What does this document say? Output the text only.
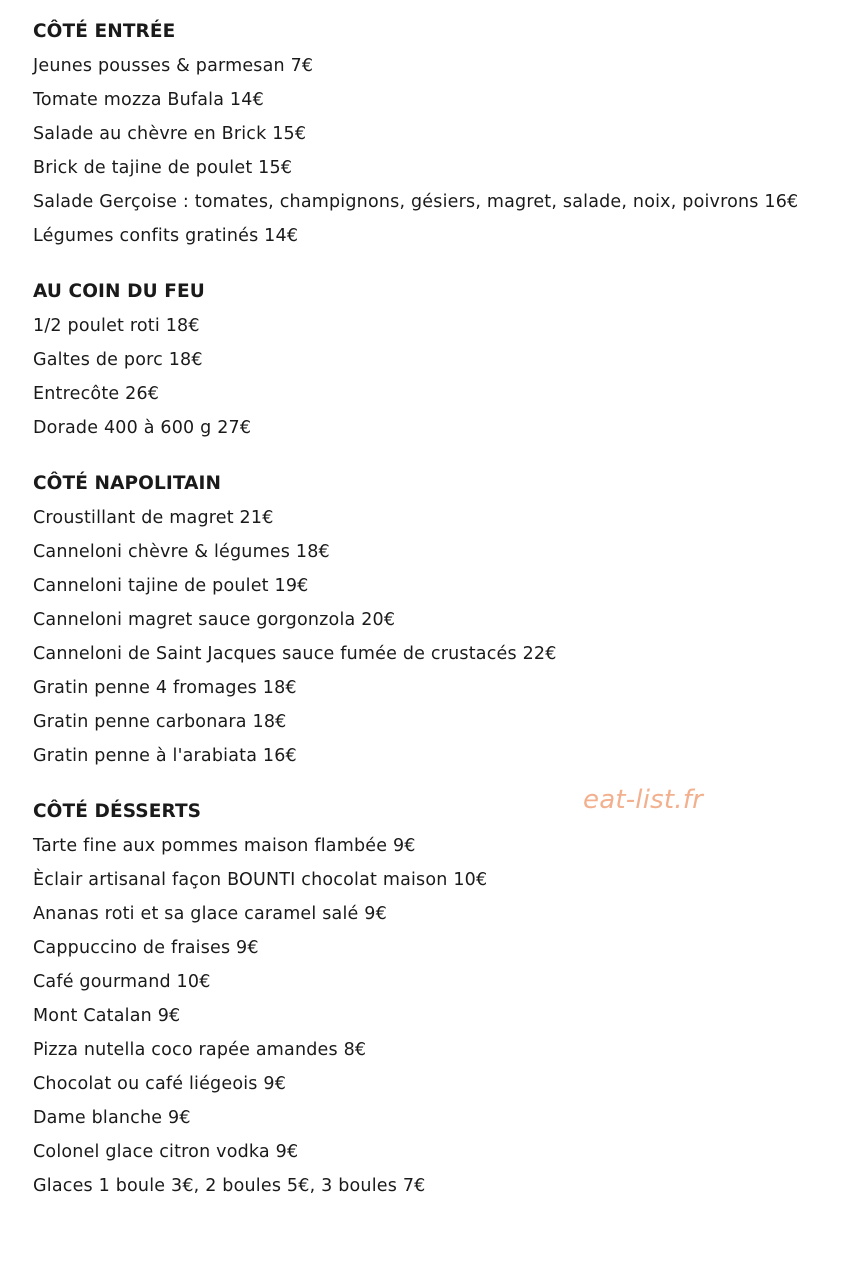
CÔTÉ ENTRÉE
Jeunes pousses & parmesan 7€
Tomate mozza Bufala 14€
Salade au chèvre en Brick 15€
Brick de tajine de poulet 15€
Salade Gerçoise : tomates, champignons, gésiers, magret, salade, noix, poivrons 16€
Légumes confits gratinés 14€
AU COIN DU FEU
1/2 poulet roti 18€
Galtes de porc 18€
Entrecôte 26€
Dorade 400 à 600 g 27€
CÔTÉ NAPOLITAIN
Croustillant de magret 21€
Canneloni chèvre & légumes 18€
Canneloni tajine de poulet 19€
Canneloni magret sauce gorgonzola 20€
Canneloni de Saint Jacques sauce fumée de crustacés 22€
Gratin penne 4 fromages 18€
Gratin penne carbonara 18€
Gratin penne à l'arabiata 16€
CÔTÉ DÉSSERTS
Tarte fine aux pommes maison flambée 9€
Èclair artisanal façon BOUNTI chocolat maison 10€
Ananas roti et sa glace caramel salé 9€
Cappuccino de fraises 9€
Café gourmand 10€
Mont Catalan 9€
Pizza nutella coco rapée amandes 8€
Chocolat ou café liégeois 9€
Dame blanche 9€
Colonel glace citron vodka 9€
Glaces 1 boule 3€, 2 boules 5€, 3 boules 7€
eat-list.fr
